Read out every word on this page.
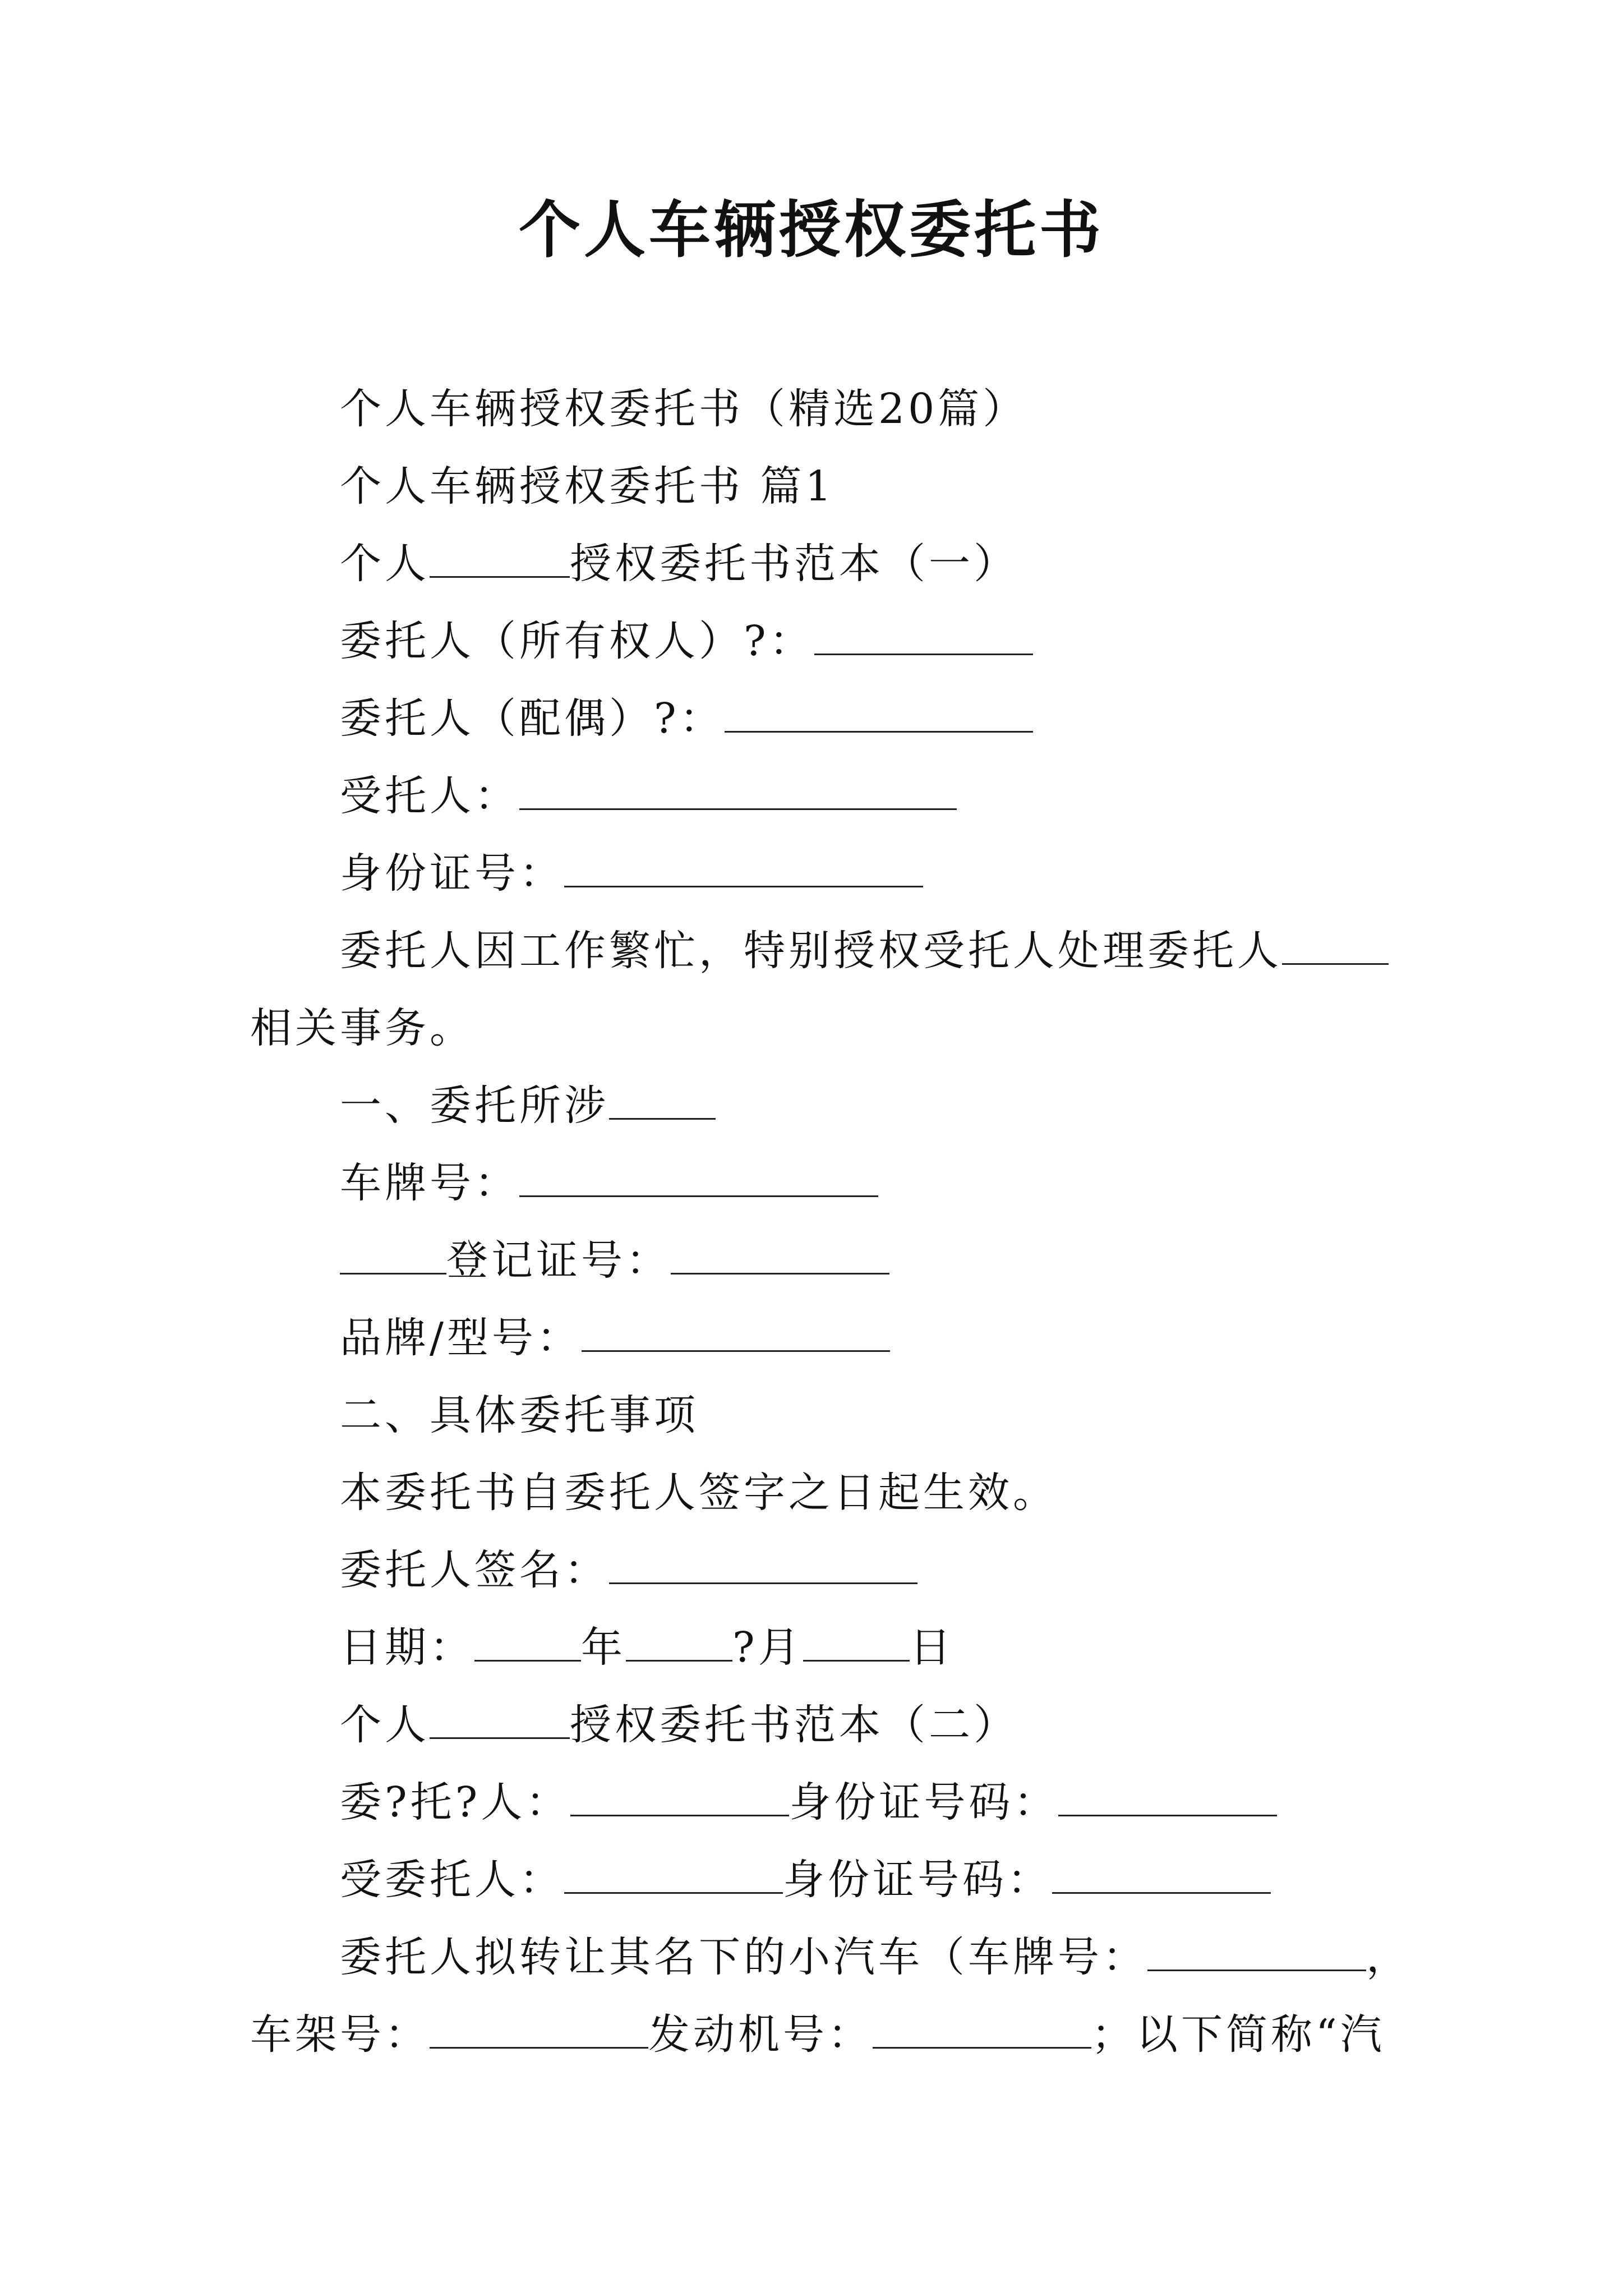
个人车辆授权委托书
个人车辆授权委托书（精选20篇）
个人车辆授权委托书 篇1
个人	授权委托书范本（一）
委托人（所有权人）?：
委托人（配偶）?：
受托人：
身份证号：
委托人因工作繁忙，特别授权受托人处理委托人
相关事务。
一、委托所涉
车牌号：
登记证号：
品牌/型号：
二、具体委托事项
本委托书自委托人签字之日起生效。
委托人签名：
日期：	年	?月	日
个人	授权委托书范本（二）
委?托?人：	身份证号码：
受委托人：	身份证号码：
委托人拟转让其名下的小汽车（车牌号：	，
车架号：	发动机号：	；以下简称“汽
